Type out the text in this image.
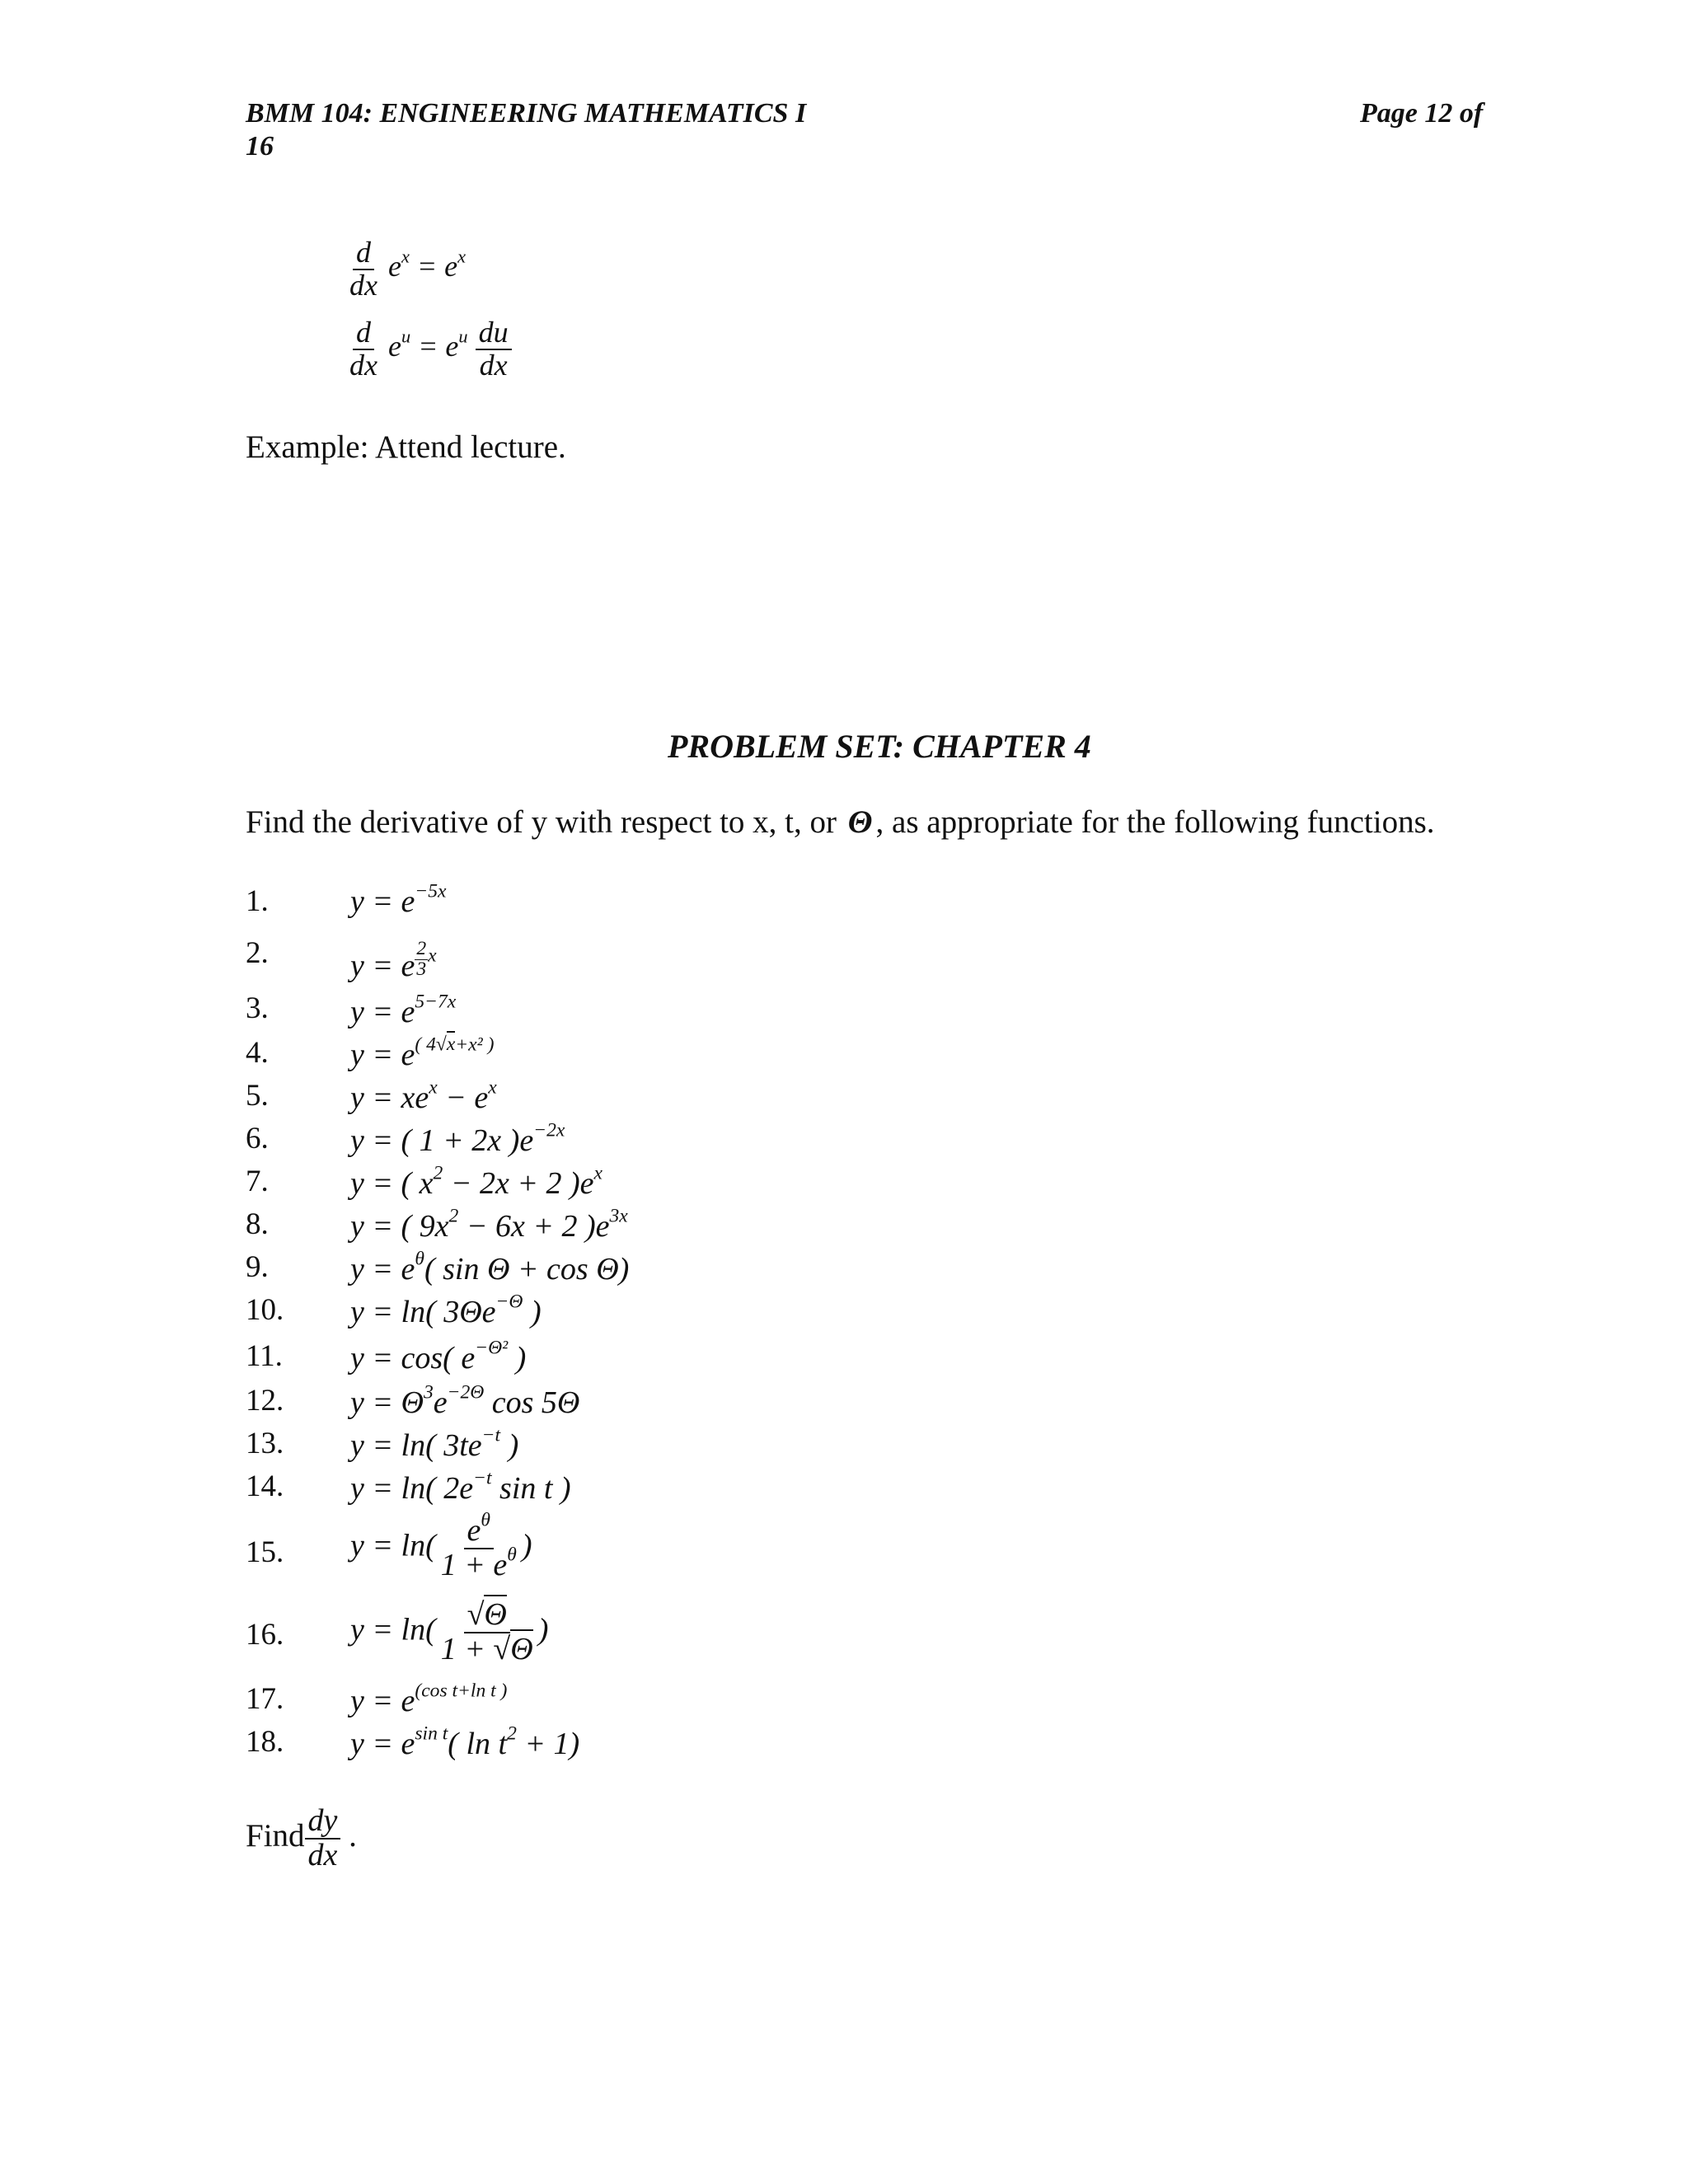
BMM 104: ENGINEERING MATHEMATICS I
16
Page 12 of
$\frac{d}{dx} e^x = e^x$
$\frac{d}{dx} e^u = e^u \frac{du}{dx}$
Example: Attend lecture.
PROBLEM SET: CHAPTER 4
Find the derivative of y with respect to x, t, or Θ , as appropriate for the following functions.
1.
2.
3.
4.
5.
6.
7.
8.
9.
10.
11.
12.
13.
14.
15.
16.
17.
18.
$y = e^{-5x}$
y = e $\frac{2}{3} ^x$
$y = e^{5-7x}$
$y = e^{( 4√x+x^2 )}$
$y = xe^x - e^x$
y = ( 1 + 2x )$e^{-2x}$
y = ( $x^2 - 2x + 2$ )$e^x$
y = ( $9x^2 - 6x + 2$ )$e^{3x}$
$y = e^\theta$( sin Θ + cos Θ)
y = ln( $3\Theta e^{-\Theta}$ )
y = cos( $e^{-\Theta^2}$ )
$y = \Theta^3e^{-2\Theta}$ cos 5Θ
y = ln( $3te^{-t}$ )
y = ln( $2e^{-t}$ sin t )
$y = \ln( \frac{e^\theta}{1 + e^\theta}$ )
$y = \ln( \frac{√\Theta}{1 + √\Theta}$ )
$y = e^{(cos t+ln t )}$
$y = e^{sin t}$( $\ln t^2 + 1$)
Find $\frac{dy}{dx}$ .
